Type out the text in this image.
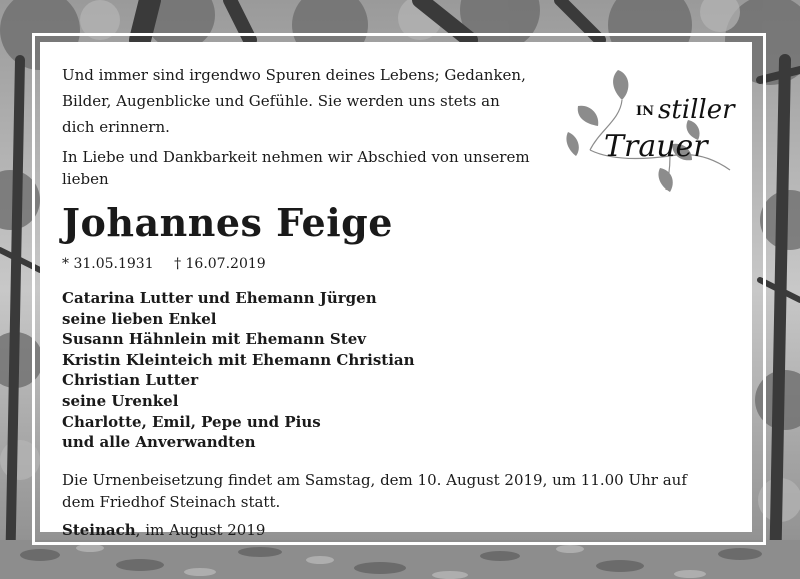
Und immer sind irgendwo Spuren deines Lebens; Gedanken, Bilder, Augenblicke und Gefühle. Sie werden uns stets an dich erinnern.

In Liebe und Dankbarkeit nehmen wir Abschied von unserem lieben

Johannes Feige
* 31.05.1931 † 16.07.2019
Catarina Lutter und Ehemann Jürgen
seine lieben Enkel
Susann Hähnlein mit Ehemann Stev
Kristin Kleinteich mit Ehemann Christian
Christian Lutter
seine Urenkel
Charlotte, Emil, Pepe und Pius
und alle Anverwandten

Die Urnenbeisetzung findet am Samstag, dem 10. August 2019, um 11.00 Uhr auf dem Friedhof Steinach statt.

Steinach, im August 2019

IN stiller
Trauer
